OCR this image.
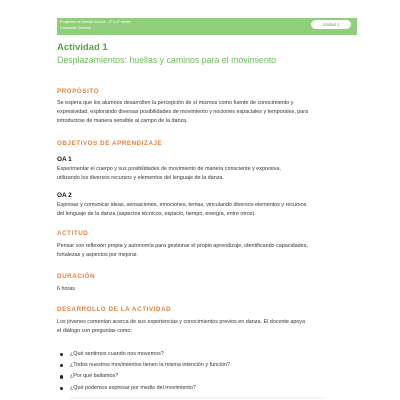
Programa de Estudio Danza – 3° a 6° medio
Formación General
Unidad 1
Actividad 1
Desplazamientos: huellas y caminos para el movimiento
PROPÓSITO
Se espera que los alumnos desarrollen la percepción de sí mismos como fuente de conocimiento y
expresividad, explorando diversas posibilidades de movimiento y nociones espaciales y temporales, para
introducirse de manera sensible al campo de la danza.
OBJETIVOS DE APRENDIZAJE
OA 1
Experimentar el cuerpo y sus posibilidades de movimiento de manera consciente y expresiva,
utilizando los diversos recursos y elementos del lenguaje de la danza.
OA 2
Expresar y comunicar ideas, sensaciones, emociones, temas, vinculando diversos elementos y recursos
del lenguaje de la danza (aspectos técnicos, espacio, tiempo, energía, entre otros).
ACTITUD
Pensar con reflexión propia y autonomía para gestionar el propio aprendizaje, identificando capacidades,
fortalezas y aspectos por mejorar.
DURACIÓN
6 horas
DESARROLLO DE LA ACTIVIDAD
Los jóvenes comentan acerca de sus experiencias y conocimientos previos en danza. El docente apoya
el diálogo con preguntas como:
¿Qué sentimos cuando nos movemos?
¿Todos nuestros movimientos tienen la misma intención y función?
¿Por qué bailamos?
¿Qué podemos expresar por medio del movimiento?
